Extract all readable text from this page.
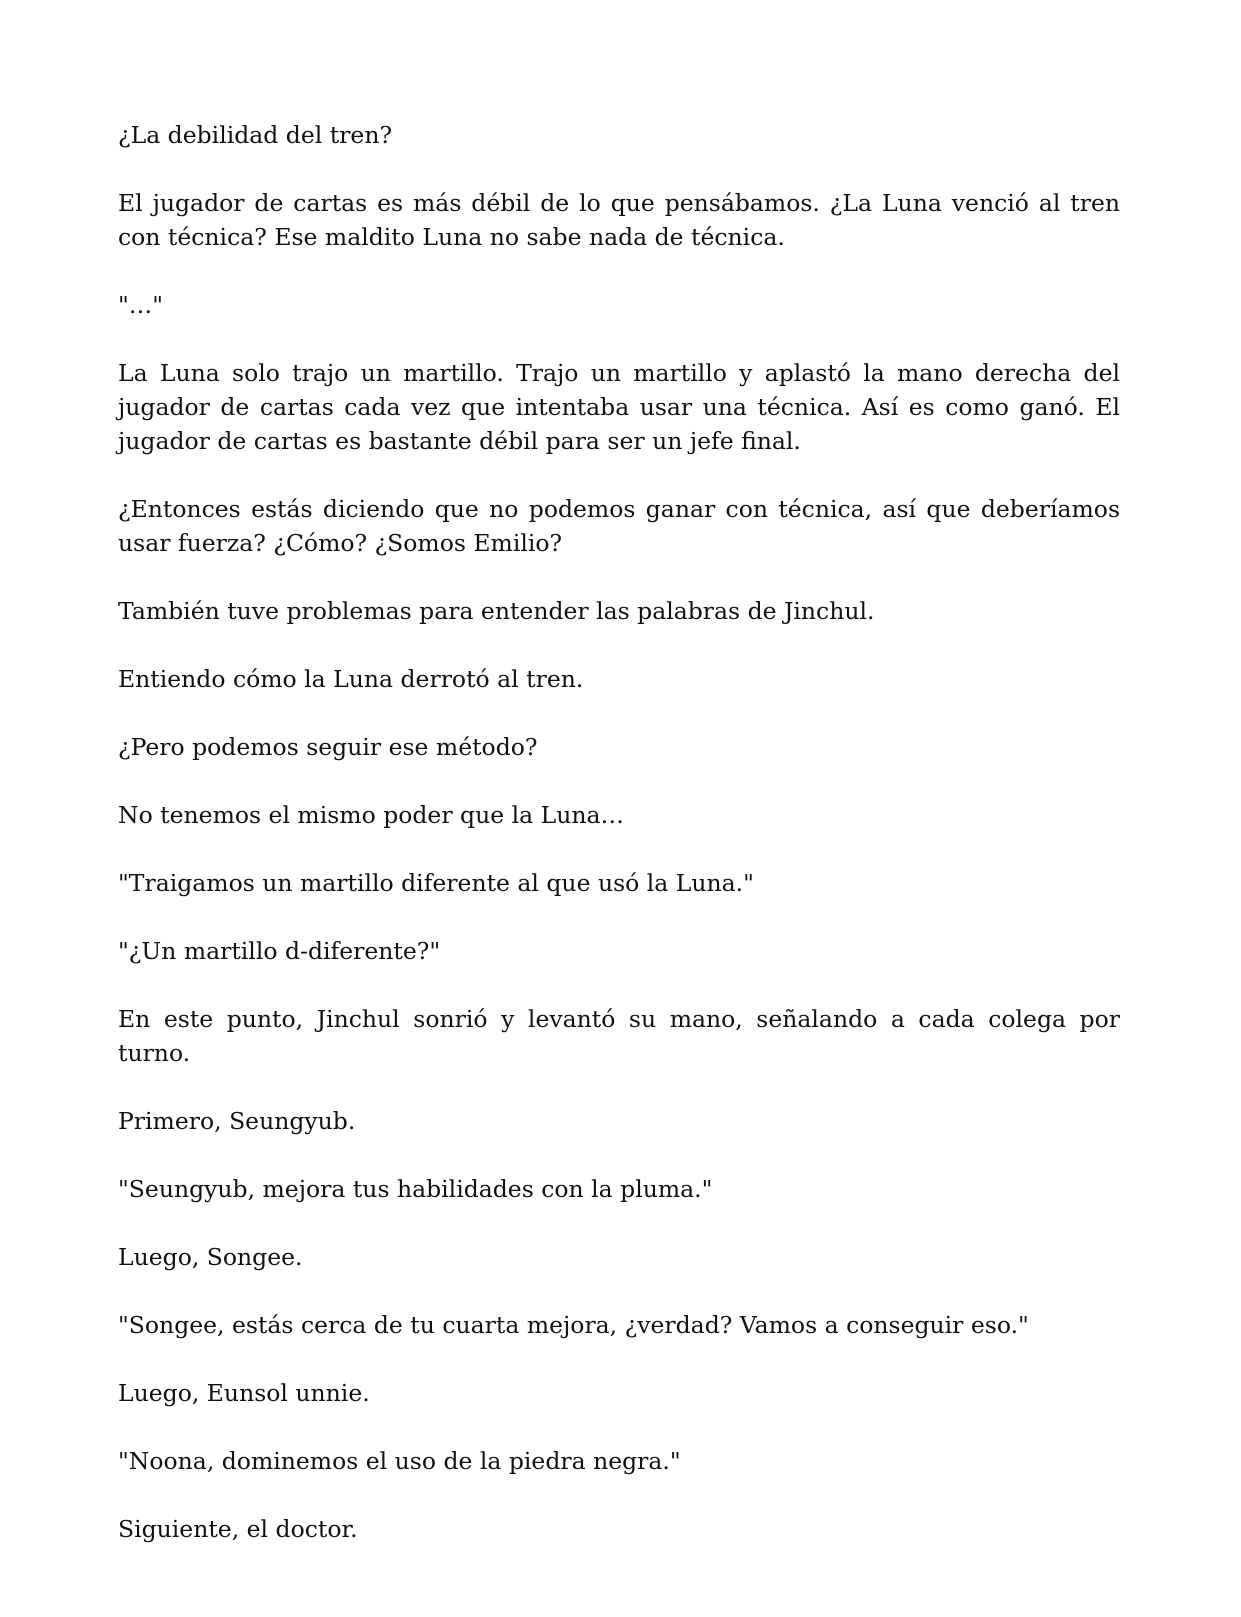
¿La debilidad del tren?

El jugador de cartas es más débil de lo que pensábamos. ¿La Luna venció al tren con técnica? Ese maldito Luna no sabe nada de técnica.

"…"

La Luna solo trajo un martillo. Trajo un martillo y aplastó la mano derecha del jugador de cartas cada vez que intentaba usar una técnica. Así es como ganó. El jugador de cartas es bastante débil para ser un jefe final.

¿Entonces estás diciendo que no podemos ganar con técnica, así que deberíamos usar fuerza? ¿Cómo? ¿Somos Emilio?

También tuve problemas para entender las palabras de Jinchul.

Entiendo cómo la Luna derrotó al tren.

¿Pero podemos seguir ese método?

No tenemos el mismo poder que la Luna…

"Traigamos un martillo diferente al que usó la Luna."

"¿Un martillo d-diferente?"

En este punto, Jinchul sonrió y levantó su mano, señalando a cada colega por turno.

Primero, Seungyub.

"Seungyub, mejora tus habilidades con la pluma."

Luego, Songee.

"Songee, estás cerca de tu cuarta mejora, ¿verdad? Vamos a conseguir eso."

Luego, Eunsol unnie.

"Noona, dominemos el uso de la piedra negra."

Siguiente, el doctor.
